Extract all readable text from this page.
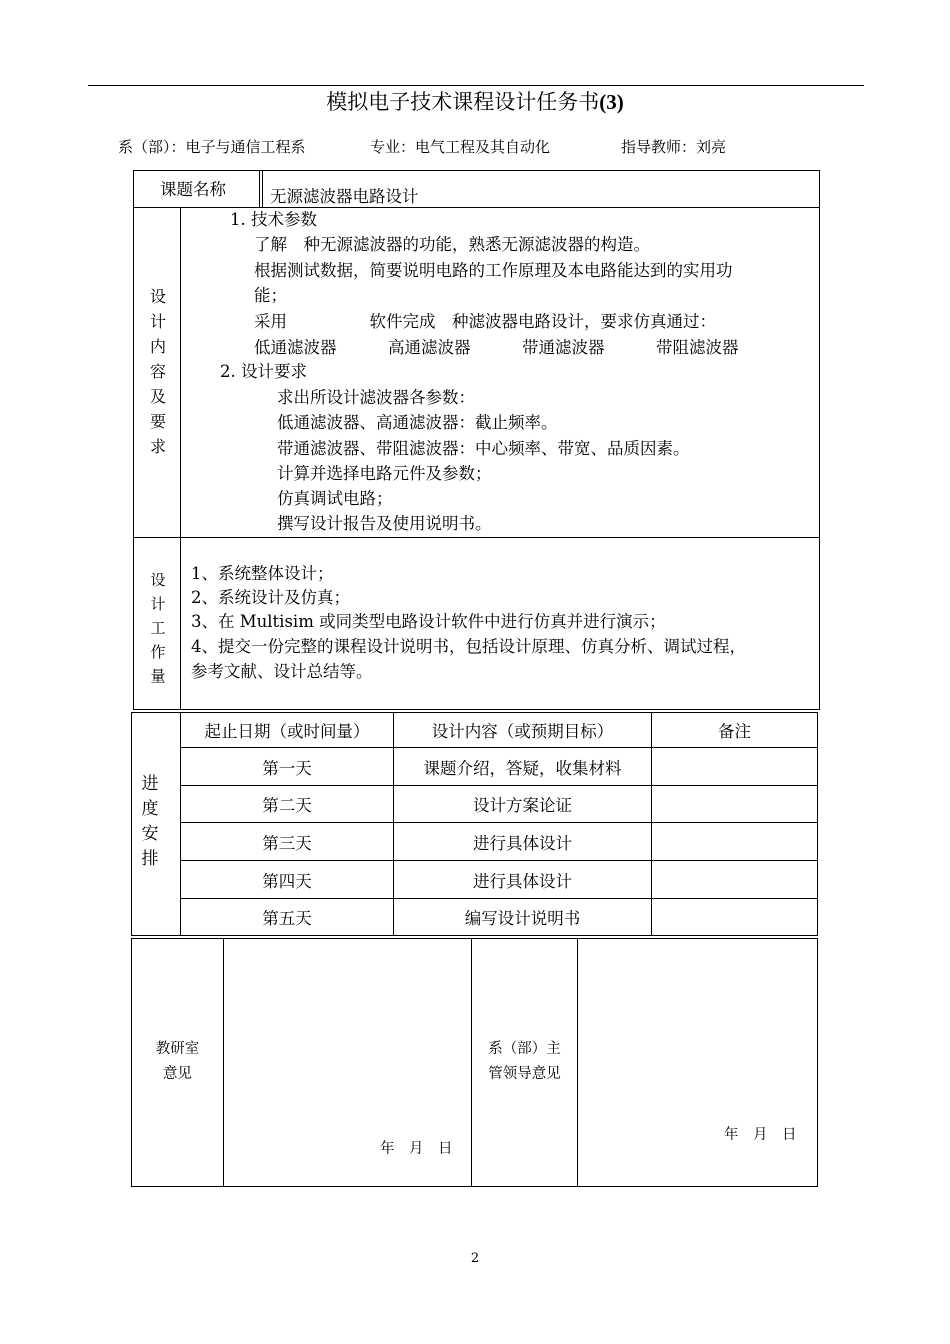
模拟电子技术课程设计任务书(3)
系（部）：电子与通信工程系	专业：电气工程及其自动化	指导教师：刘亮
课题名称	无源滤波器电路设计
设
计
内
容
及
要
求
1. 技术参数
了解　种无源滤波器的功能，熟悉无源滤波器的构造。
根据测试数据，简要说明电路的工作原理及本电路能达到的实用功
能；
采用　　　　　软件完成　种滤波器电路设计，要求仿真通过：
低通滤波器	高通滤波器	带通滤波器	带阻滤波器
2. 设计要求
求出所设计滤波器各参数：
低通滤波器、高通滤波器：截止频率。
带通滤波器、带阻滤波器：中心频率、带宽、品质因素。
计算并选择电路元件及参数；
仿真调试电路；
撰写设计报告及使用说明书。
设
计
工
作
量
1、系统整体设计；
2、系统设计及仿真；
3、在 Multisim 或同类型电路设计软件中进行仿真并进行演示；
4、提交一份完整的课程设计说明书，包括设计原理、仿真分析、调试过程，
参考文献、设计总结等。
进
度
安
排
起止日期（或时间量）	设计内容（或预期目标）	备注
第一天	课题介绍，答疑，收集材料
第二天	设计方案论证
第三天	进行具体设计
第四天	进行具体设计
第五天	编写设计说明书
教研室
意见
年　月　日
系（部）主
管领导意见
年　月　日
2
